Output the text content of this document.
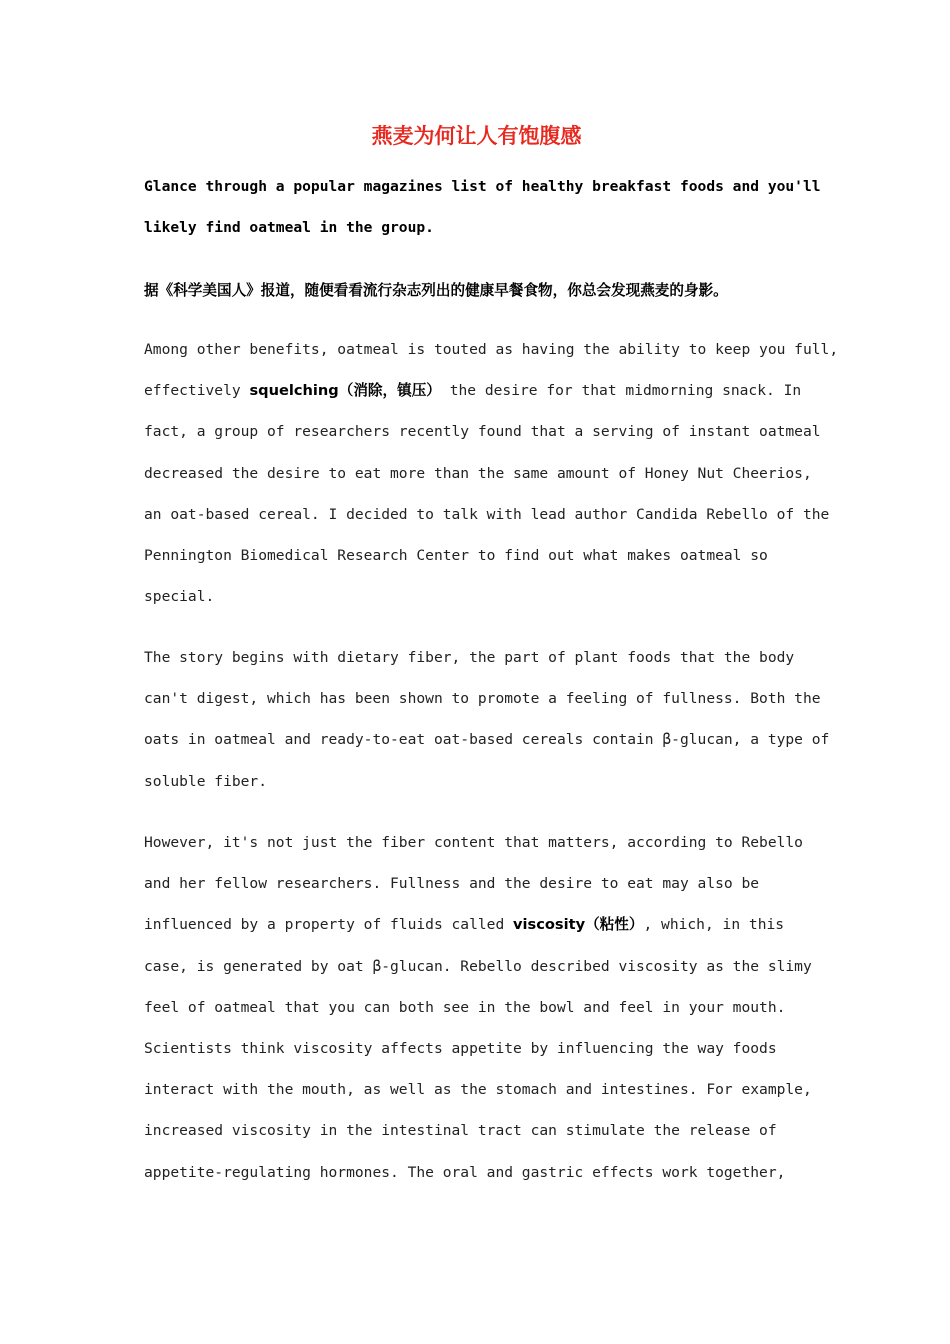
燕麦为何让人有饱腹感
Glance through a popular magazines list of healthy breakfast foods and you'll
likely find oatmeal in the group.

据《科学美国人》报道，随便看看流行杂志列出的健康早餐食物，你总会发现燕麦的身影。

Among other benefits, oatmeal is touted as having the ability to keep you full,
effectively squelching（消除，镇压） the desire for that midmorning snack. In
fact, a group of researchers recently found that a serving of instant oatmeal
decreased the desire to eat more than the same amount of Honey Nut Cheerios,
an oat-based cereal. I decided to talk with lead author Candida Rebello of the
Pennington Biomedical Research Center to find out what makes oatmeal so
special.
The story begins with dietary fiber, the part of plant foods that the body
can't digest, which has been shown to promote a feeling of fullness. Both the
oats in oatmeal and ready-to-eat oat-based cereals contain β-glucan, a type of
soluble fiber.
However, it's not just the fiber content that matters, according to Rebello
and her fellow researchers. Fullness and the desire to eat may also be
influenced by a property of fluids called viscosity（粘性）, which, in this
case, is generated by oat β-glucan. Rebello described viscosity as the slimy
feel of oatmeal that you can both see in the bowl and feel in your mouth.
Scientists think viscosity affects appetite by influencing the way foods
interact with the mouth, as well as the stomach and intestines. For example,
increased viscosity in the intestinal tract can stimulate the release of
appetite-regulating hormones. The oral and gastric effects work together,
